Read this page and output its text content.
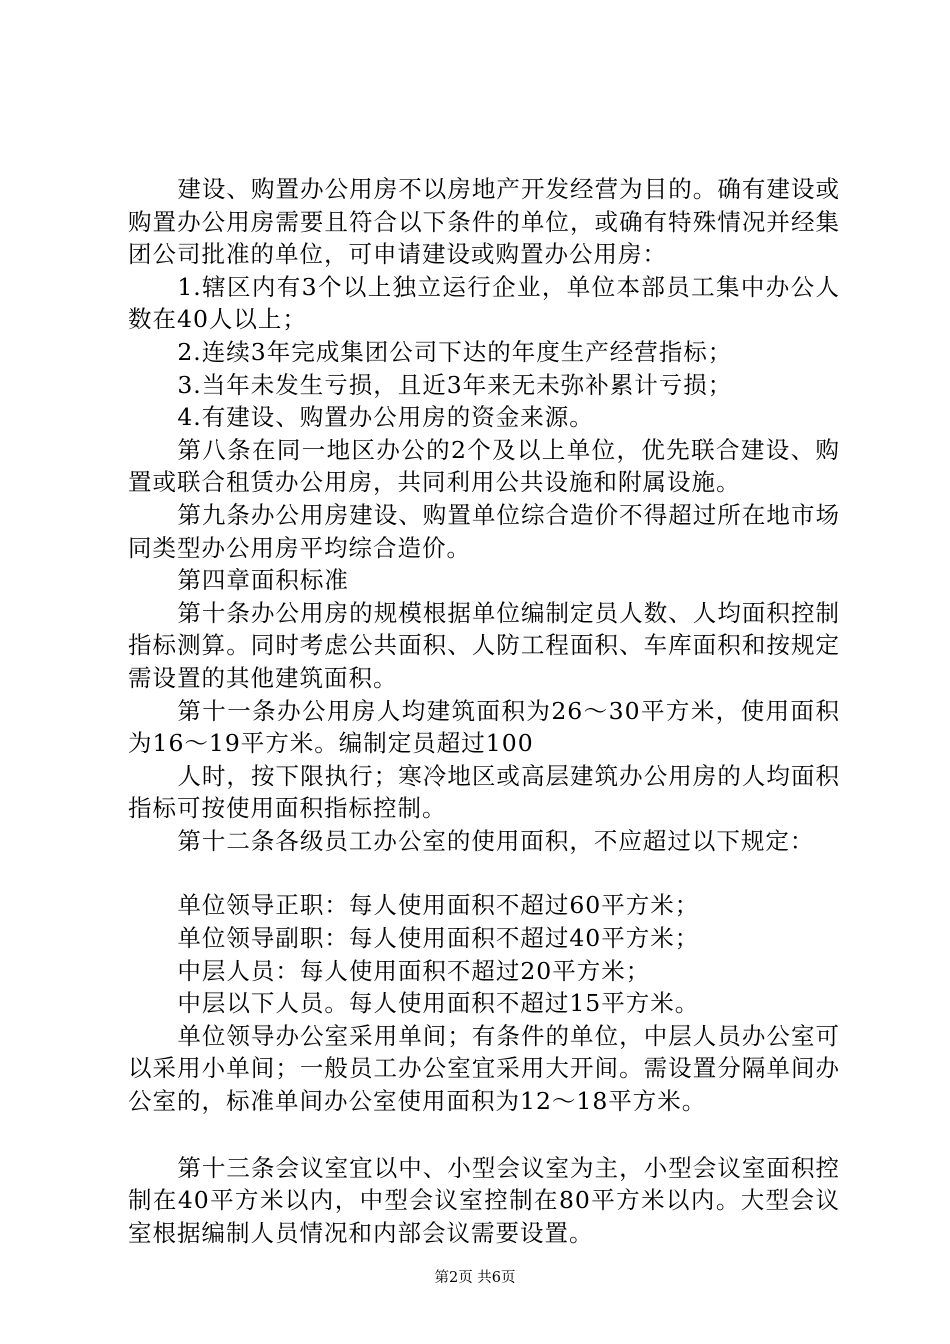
建设、购置办公用房不以房地产开发经营为目的。确有建设或购置办公用房需要且符合以下条件的单位，或确有特殊情况并经集团公司批准的单位，可申请建设或购置办公用房：

1.辖区内有3个以上独立运行企业，单位本部员工集中办公人数在40人以上；

2.连续3年完成集团公司下达的年度生产经营指标；

3.当年未发生亏损，且近3年来无未弥补累计亏损；

4.有建设、购置办公用房的资金来源。

第八条在同一地区办公的2个及以上单位，优先联合建设、购置或联合租赁办公用房，共同利用公共设施和附属设施。

第九条办公用房建设、购置单位综合造价不得超过所在地市场同类型办公用房平均综合造价。

第四章面积标准

第十条办公用房的规模根据单位编制定员人数、人均面积控制指标测算。同时考虑公共面积、人防工程面积、车库面积和按规定需设置的其他建筑面积。

第十一条办公用房人均建筑面积为26～30平方米，使用面积为16～19平方米。编制定员超过100

人时，按下限执行；寒冷地区或高层建筑办公用房的人均面积指标可按使用面积指标控制。

第十二条各级员工办公室的使用面积，不应超过以下规定：

单位领导正职：每人使用面积不超过60平方米；

单位领导副职：每人使用面积不超过40平方米；

中层人员：每人使用面积不超过20平方米；

中层以下人员。每人使用面积不超过15平方米。

单位领导办公室采用单间；有条件的单位，中层人员办公室可以采用小单间；一般员工办公室宜采用大开间。需设置分隔单间办公室的，标准单间办公室使用面积为12～18平方米。

第十三条会议室宜以中、小型会议室为主，小型会议室面积控制在40平方米以内，中型会议室控制在80平方米以内。大型会议室根据编制人员情况和内部会议需要设置。

第2页 共6页
